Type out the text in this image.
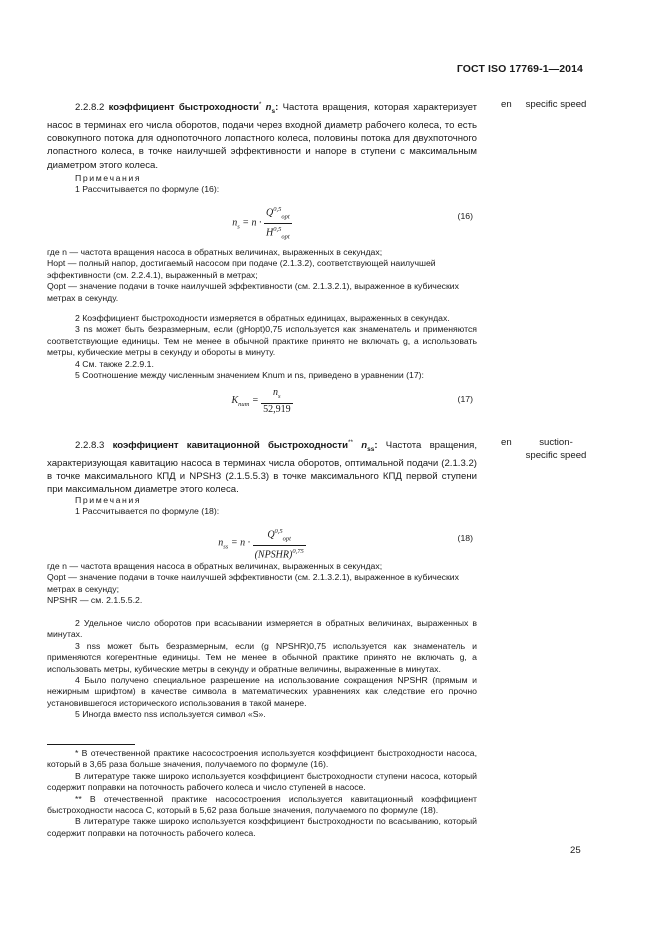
ГОСТ ISO 17769-1—2014
2.2.8.2 коэффициент быстроходности* $n_s$: Частота вращения, которая характеризует насос в терминах его числа оборотов, подачи через входной диаметр рабочего колеса, то есть совокупного потока для однопоточного лопастного колеса, половины потока для двухпоточного лопастного колеса, в точке наилучшей эффективности и напоре в ступени с максимальным диаметром этого колеса.
en specific speed

Примечания

1 Рассчитывается по формуле (16):

$n_s = n \cdot \frac{Q^{0,5}_{opt}}{H^{0,5}_{opt}}$	(16)

где n — частота вращения насоса в обратных величинах, выраженных в секундах;

Hopt — полный напор, достигаемый насосом при подаче (2.1.3.2), соответствующей наилучшей эффективности (см. 2.2.4.1), выраженный в метрах;

Qopt — значение подачи в точке наилучшей эффективности (см. 2.1.3.2.1), выраженное в кубических метрах в секунду.

2 Коэффициент быстроходности измеряется в обратных единицах, выраженных в секундах.

3 ns может быть безразмерным, если (gHopt)0,75 используется как знаменатель и применяются соответствующие единицы. Тем не менее в обычной практике принято не включать g, а использовать метры, кубические метры в секунду и обороты в минуту.

4 См. также 2.2.9.1.

5 Соотношение между численным значением Knum и ns, приведено в уравнении (17):

$K_{num} = \frac{n_s}{52,919}$	(17)
2.2.8.3 коэффициент кавитационной быстроходности** $n_{ss}$: Частота вращения, характеризующая кавитацию насоса в терминах числа оборотов, оптимальной подачи (2.1.3.2) в точке максимального КПД и NPSH3 (2.1.5.5.3) в точке максимального КПД первой ступени при максимальном диаметре этого колеса.
en	suction-specific speed

Примечания

1 Рассчитывается по формуле (18):

$n_{ss} = n \cdot \frac{Q^{0,5}_{opt}}{(NPSHR)^{0,75}}$	(18)

где n — частота вращения насоса в обратных величинах, выраженных в секундах;

Qopt — значение подачи в точке наилучшей эффективности (см. 2.1.3.2.1), выраженное в кубических метрах в секунду;

NPSHR — см. 2.1.5.5.2.

2 Удельное число оборотов при всасывании измеряется в обратных величинах, выраженных в минутах.

3 nss может быть безразмерным, если (g NPSHR)0,75 используется как знаменатель и применяются когерентные единицы. Тем не менее в обычной практике принято не включать g, а использовать метры, кубические метры в секунду и обратные величины, выраженные в минутах.

4 Было получено специальное разрешение на использование сокращения NPSHR (прямым и нежирным шрифтом) в качестве символа в математических уравнениях как следствие его прочно установившегося исторического использования в такой манере.

5 Иногда вместо nss используется символ «S».

* В отечественной практике насосостроения используется коэффициент быстроходности насоса, который в 3,65 раза больше значения, получаемого по формуле (16).

В литературе также широко используется коэффициент быстроходности ступени насоса, который содержит поправки на поточность рабочего колеса и число ступеней в насосе.

** В отечественной практике насосостроения используется кавитационный коэффициент быстроходности насоса C, который в 5,62 раза больше значения, получаемого по формуле (18).

В литературе также широко используется коэффициент быстроходности по всасыванию, который содержит поправки на поточность рабочего колеса.

25
